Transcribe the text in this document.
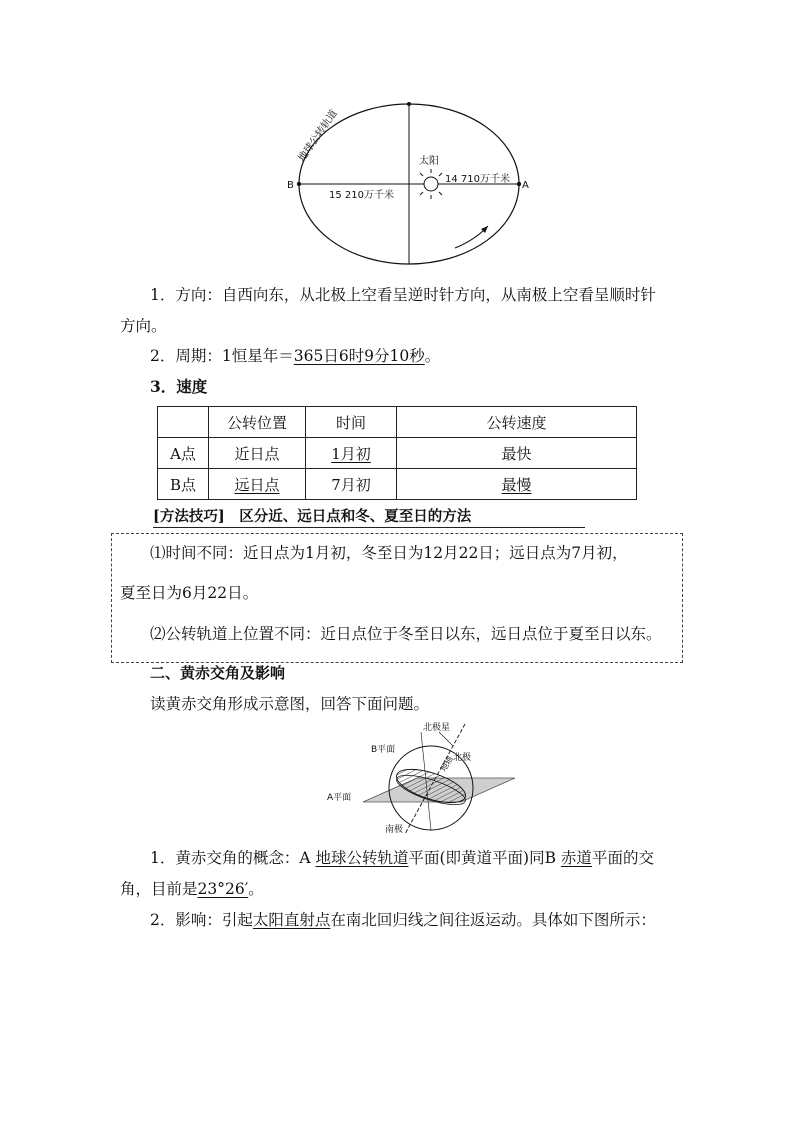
地球公转轨道	太阳
14 710万千米
15 210万千米
A
B
1．方向：自西向东，从北极上空看呈逆时针方向，从南极上空看呈顺时针
方向。
2．周期：1恒星年＝365日6时9分10秒。
3．速度
	公转位置	时间	公转速度
A点	近日点	1月初	最快
B点	远日点	7月初	最慢
[方法技巧]　区分近、远日点和冬、夏至日的方法
⑴时间不同：近日点为1月初，冬至日为12月22日；远日点为7月初，
夏至日为6月22日。
⑵公转轨道上位置不同：近日点位于冬至日以东，远日点位于夏至日以东。
二、黄赤交角及影响
读黄赤交角形成示意图，回答下面问题。
北极星
B平面
北极
地轴
A平面
南极
1．黄赤交角的概念：A 地球公转轨道平面(即黄道平面)同B 赤道平面的交
角，目前是23°26′。
2．影响：引起太阳直射点在南北回归线之间往返运动。具体如下图所示：
